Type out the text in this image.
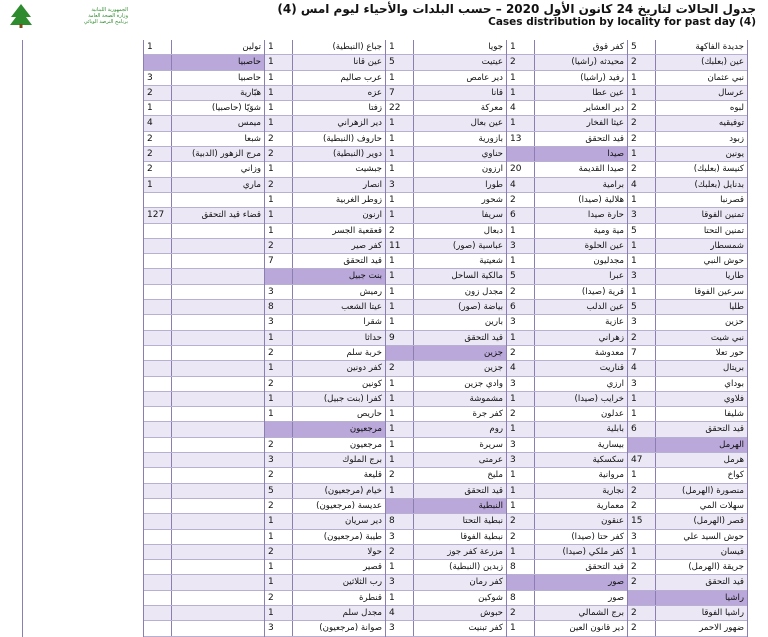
الجمهورية اللبنانية
وزارة الصحة العامة
برنامج الترصد الوبائي
جدول الحالات لتاريخ 24 كانون الأول 2020 – حسب البلدات والأحياء ليوم امس (4)
Cases distribution by locality for past day (4)
جديدة الفاكهة
5
عين (بعلبك)
2
نبي عثمان
1
عرسال
1
لبوه
2
توفيقيه
2
زبود
2
يونين
1
كنيسة (بعلبك)
2
بدنايل (بعلبك)
4
قصرنبا
1
تمنين الفوقا
3
تمنين التحتا
5
شمسطار
1
حوش النبي
1
طاريا
3
سرعين الفوقا
1
طليا
5
حزين
3
نبي شيت
2
حور تعلا
7
بريتال
4
بوداي
3
فلاوي
1
شليفا
1
قيد التحقق
6
الهرمل
هرمل
47
كواخ
1
منصورة (الهرمل)
2
سهلات المي
2
قصر (الهرمل)
15
حوش السيد علي
3
فيسان
1
جريقة (الهرمل)
2
قيد التحقق
2
راشيا
راشيا الفوقا
2
ضهور الاحمر
2
كفر قوق
1
محيدثه (راشيا)
2
رفيد (راشيا)
1
عين عطا
1
دير العشاير
4
عيثا الفخار
1
قيد التحقق
13
صيدا
صيدا القديمة
20
برامية
4
هلالية (صيدا)
2
حارة صيدا
6
مية ومية
1
عين الحلوة
3
مجدليون
1
عبرا
5
قرية (صيدا)
2
عين الدلب
6
عازية
3
زهراني
1
معدوشة
2
قناريت
4
ارزي
3
خرايب (صيدا)
1
عدلون
2
بابلية
1
بيسارية
3
سكسكية
3
مروانية
1
نجارية
1
معمارية
1
عنقون
2
كفر حتا (صيدا)
2
كفر ملكي (صيدا)
1
قيد التحقق
8
صور
صور
8
برج الشمالي
2
دير قانون العين
1
جويا
1
عيتيت
5
دير عامص
1
قانا
7
معركة
22
عين بعال
1
بازورية
1
حناوي
1
ارزون
1
طورا
3
شحور
1
سريفا
1
دبعال
2
عباسية (صور)
11
شعيتية
1
مالكية الساحل
1
مجدل زون
1
بياضة (صور)
1
بارين
1
قيد التحقق
9
جزين
جزين
2
وادي جزين
1
مشموشة
1
كفر جرة
1
روم
1
سريرة
1
عرمتى
1
مليخ
2
قيد التحقق
1
النبطية
نبطية التحتا
8
نبطية الفوقا
3
مزرعة كفر جوز
2
زبدين (النبطية)
1
كفر رمان
3
شوكين
1
حبوش
4
كفر تبنيت
3
جباع (النبطية)
1
عين قانا
1
عرب صاليم
1
عزه
1
زفتا
1
دير الزهراني
1
حاروف (النبطية)
2
دوير (النبطية)
2
جبشيت
1
انصار
2
زوطر الغربية
1
ارنون
1
قعقعية الجسر
1
كفر صير
2
قيد التحقق
7
بنت جبيل
رميش
3
عيتا الشعب
8
شقرا
3
حداثا
1
خربة سلم
2
كفر دونين
1
كونين
2
كفرا (بنت جبيل)
1
حاريص
1
مرجعيون
مرجعيون
2
برج الملوك
3
قليعة
2
خيام (مرجعيون)
5
عديسة (مرجعيون)
2
دير سريان
1
طيبة (مرجعيون)
1
حولا
2
قصير
1
رب الثلاثين
1
قنطرة
2
مجدل سلم
1
صوانة (مرجعيون)
3
تولين
1
حاصبيا
حاصبيا
3
هبّارية
2
شوَيّا (حاصبيا)
1
ميمس
4
شبعا
2
مرج الزهور (الدبية)
2
وزاني
2
ماري
1
قضاء قيد التحقق
127
